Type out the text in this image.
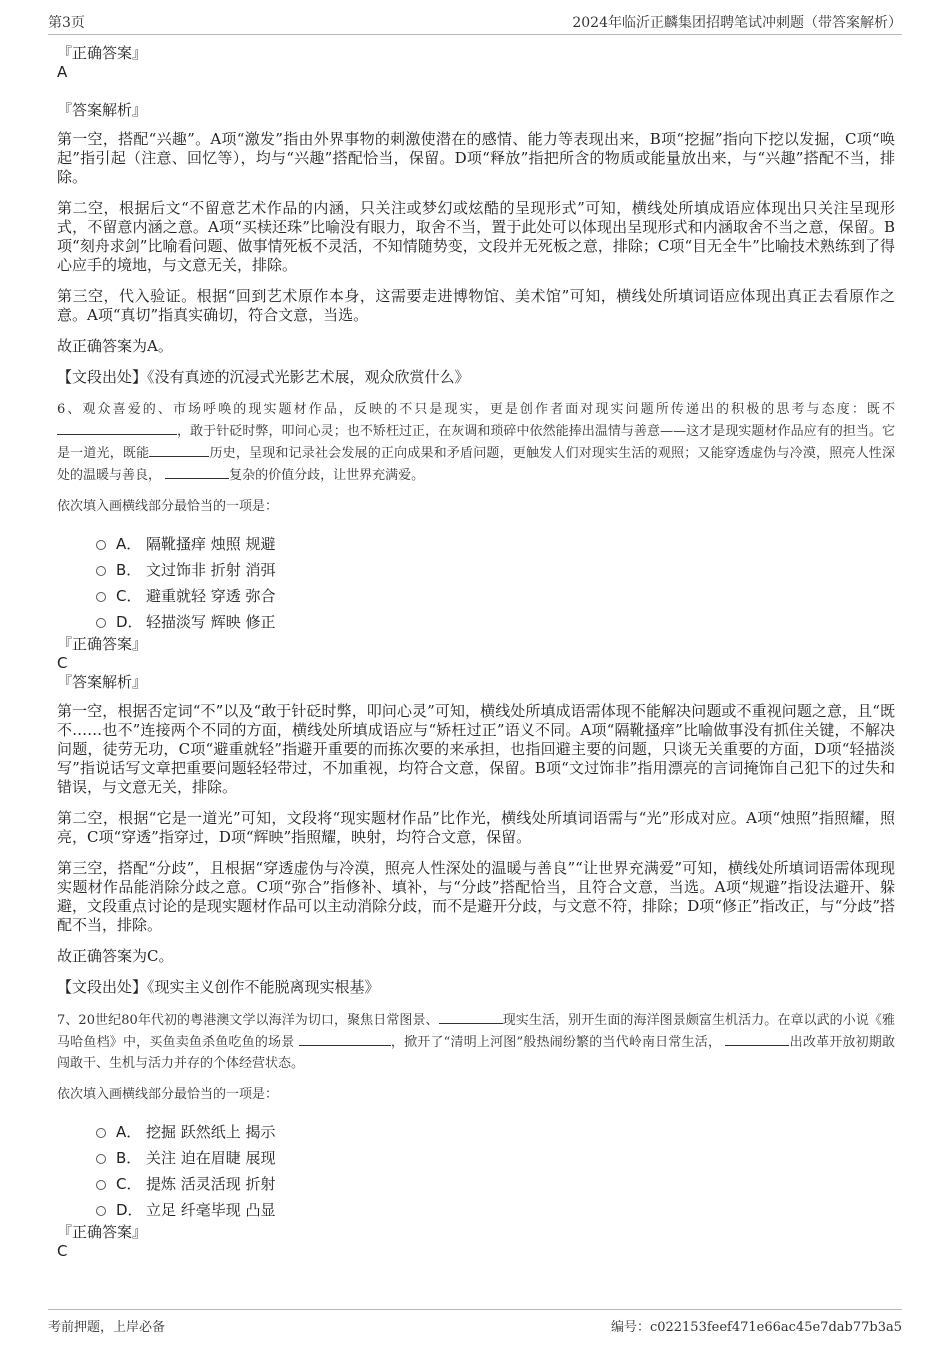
第3页	2024年临沂正麟集团招聘笔试冲刺题（带答案解析）

『正确答案』

A

『答案解析』

第一空，搭配“兴趣”。A项“激发”指由外界事物的刺激使潜在的感情、能力等表现出来，B项“挖掘”指向下挖以发掘，C项“唤起”指引起（注意、回忆等），均与“兴趣”搭配恰当，保留。D项“释放”指把所含的物质或能量放出来，与“兴趣”搭配不当，排除。

第二空，根据后文“不留意艺术作品的内涵，只关注或梦幻或炫酷的呈现形式”可知，横线处所填成语应体现出只关注呈现形式，不留意内涵之意。A项“买椟还珠”比喻没有眼力，取舍不当，置于此处可以体现出呈现形式和内涵取舍不当之意，保留。B项“刻舟求剑”比喻看问题、做事情死板不灵活，不知情随势变，文段并无死板之意，排除；C项“目无全牛”比喻技术熟练到了得心应手的境地，与文意无关，排除。

第三空，代入验证。根据“回到艺术原作本身，这需要走进博物馆、美术馆”可知，横线处所填词语应体现出真正去看原作之意。A项“真切”指真实确切，符合文意，当选。

故正确答案为A。

【文段出处】《没有真迹的沉浸式光影艺术展，观众欣赏什么》

6、观众喜爱的、市场呼唤的现实题材作品，反映的不只是现实，更是创作者面对现实问题所传递出的积极的思考与态度：既不，敢于针砭时弊，叩问心灵；也不矫枉过正，在灰调和琐碎中依然能捧出温情与善意——这才是现实题材作品应有的担当。它是一道光，既能	历史，呈现和记录社会发展的正向成果和矛盾问题，更触发人们对现实生活的观照；又能穿透虚伪与冷漠，照亮人性深处的温暖与善良，	复杂的价值分歧，让世界充满爱。

依次填入画横线部分最恰当的一项是：

A． 隔靴搔痒 烛照 规避
B． 文过饰非 折射 消弭
C． 避重就轻 穿透 弥合
D． 轻描淡写 辉映 修正

『正确答案』

C

『答案解析』

第一空，根据否定词“不”以及“敢于针砭时弊，叩问心灵”可知，横线处所填成语需体现不能解决问题或不重视问题之意，且“既不……也不”连接两个不同的方面，横线处所填成语应与“矫枉过正”语义不同。A项“隔靴搔痒”比喻做事没有抓住关键，不解决问题，徒劳无功，C项“避重就轻”指避开重要的而拣次要的来承担，也指回避主要的问题，只谈无关重要的方面，D项“轻描淡写”指说话写文章把重要问题轻轻带过，不加重视，均符合文意，保留。B项“文过饰非”指用漂亮的言词掩饰自己犯下的过失和错误，与文意无关，排除。

第二空，根据“它是一道光”可知，文段将“现实题材作品”比作光，横线处所填词语需与“光”形成对应。A项“烛照”指照耀，照亮，C项“穿透”指穿过，D项“辉映”指照耀，映射，均符合文意，保留。

第三空，搭配“分歧”，且根据“穿透虚伪与冷漠，照亮人性深处的温暖与善良”“让世界充满爱”可知，横线处所填词语需体现现实题材作品能消除分歧之意。C项“弥合”指修补、填补，与“分歧”搭配恰当，且符合文意，当选。A项“规避”指设法避开、躲避，文段重点讨论的是现实题材作品可以主动消除分歧，而不是避开分歧，与文意不符，排除；D项“修正”指改正，与“分歧”搭配不当，排除。

故正确答案为C。

【文段出处】《现实主义创作不能脱离现实根基》

7、20世纪80年代初的粤港澳文学以海洋为切口，聚焦日常图景、	现实生活，别开生面的海洋图景颇富生机活力。在章以武的小说《雅马哈鱼档》中，买鱼卖鱼杀鱼吃鱼的场景	，掀开了“清明上河图”般热闹纷繁的当代岭南日常生活，	出改革开放初期敢闯敢干、生机与活力并存的个体经营状态。

依次填入画横线部分最恰当的一项是：

A． 挖掘 跃然纸上 揭示
B． 关注 迫在眉睫 展现
C． 提炼 活灵活现 折射
D． 立足 纤毫毕现 凸显

『正确答案』

C

考前押题，上岸必备	编号：c022153feef471e66ac45e7dab77b3a5
